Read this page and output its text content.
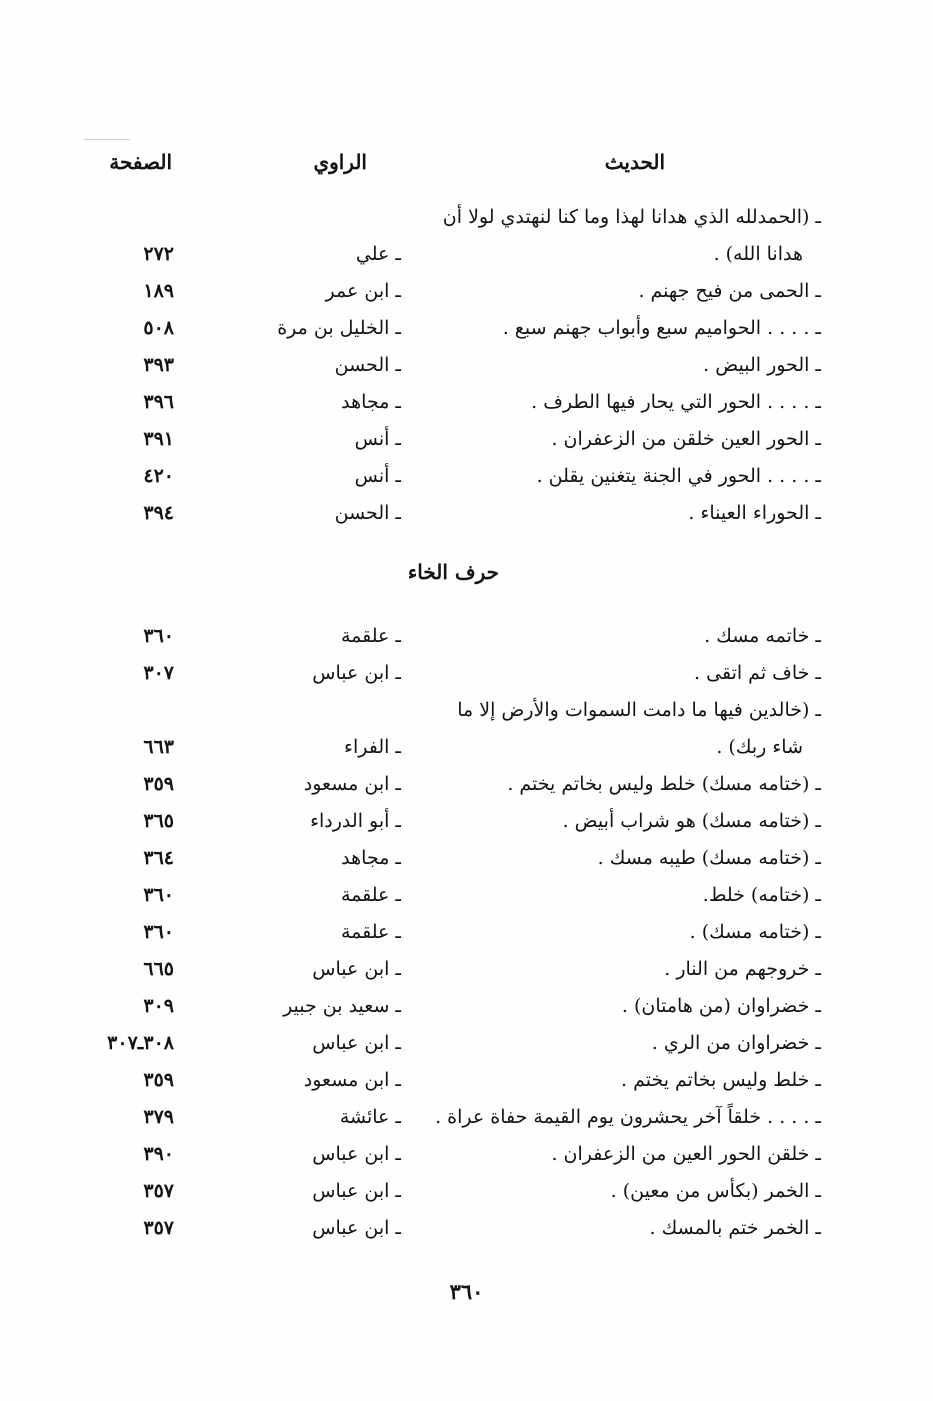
الحديث
الراوي
الصفحة
ـ (الحمدلله الذي هدانا لهذا وما كنا لنهتدي لولا أن
هدانا الله) .
ـ علي
٢٧٢
ـ الحمى من فيح جهنم .
ـ ابن عمر
١٨٩
ـ . . . . الحواميم سبع وأبواب جهنم سبع .
ـ الخليل بن مرة
٥٠٨
ـ الحور البيض .
ـ الحسن
٣٩٣
ـ . . . . الحور التي يحار فيها الطرف .
ـ مجاهد
٣٩٦
ـ الحور العين خلقن من الزعفران .
ـ أنس
٣٩١
ـ . . . . الحور في الجنة يتغنين يقلن .
ـ أنس
٤٢٠
ـ الحوراء العيناء .
ـ الحسن
٣٩٤
حرف الخاء
ـ خاتمه مسك .
ـ علقمة
٣٦٠
ـ خاف ثم اتقى .
ـ ابن عباس
٣٠٧
ـ (خالدين فيها ما دامت السموات والأرض إلا ما
شاء ربك) .
ـ الفراء
٦٦٣
ـ (ختامه مسك) خلط وليس بخاتم يختم .
ـ ابن مسعود
٣٥٩
ـ (ختامه مسك) هو شراب أبيض .
ـ أبو الدرداء
٣٦٥
ـ (ختامه مسك) طيبه مسك .
ـ مجاهد
٣٦٤
ـ (ختامه) خلط.
ـ علقمة
٣٦٠
ـ (ختامه مسك) .
ـ علقمة
٣٦٠
ـ خروجهم من النار .
ـ ابن عباس
٦٦٥
ـ خضراوان (من هامتان) .
ـ سعيد بن جبير
٣٠٩
ـ خضراوان من الري .
ـ ابن عباس
٣٠٨ـ٣٠٧
ـ خلط وليس بخاتم يختم .
ـ ابن مسعود
٣٥٩
ـ . . . . خلقاً آخر يحشرون يوم القيمة حفاة عراة .
ـ عائشة
٣٧٩
ـ خلقن الحور العين من الزعفران .
ـ ابن عباس
٣٩٠
ـ الخمر (بكأس من معين) .
ـ ابن عباس
٣٥٧
ـ الخمر ختم بالمسك .
ـ ابن عباس
٣٥٧
٣٦٠
